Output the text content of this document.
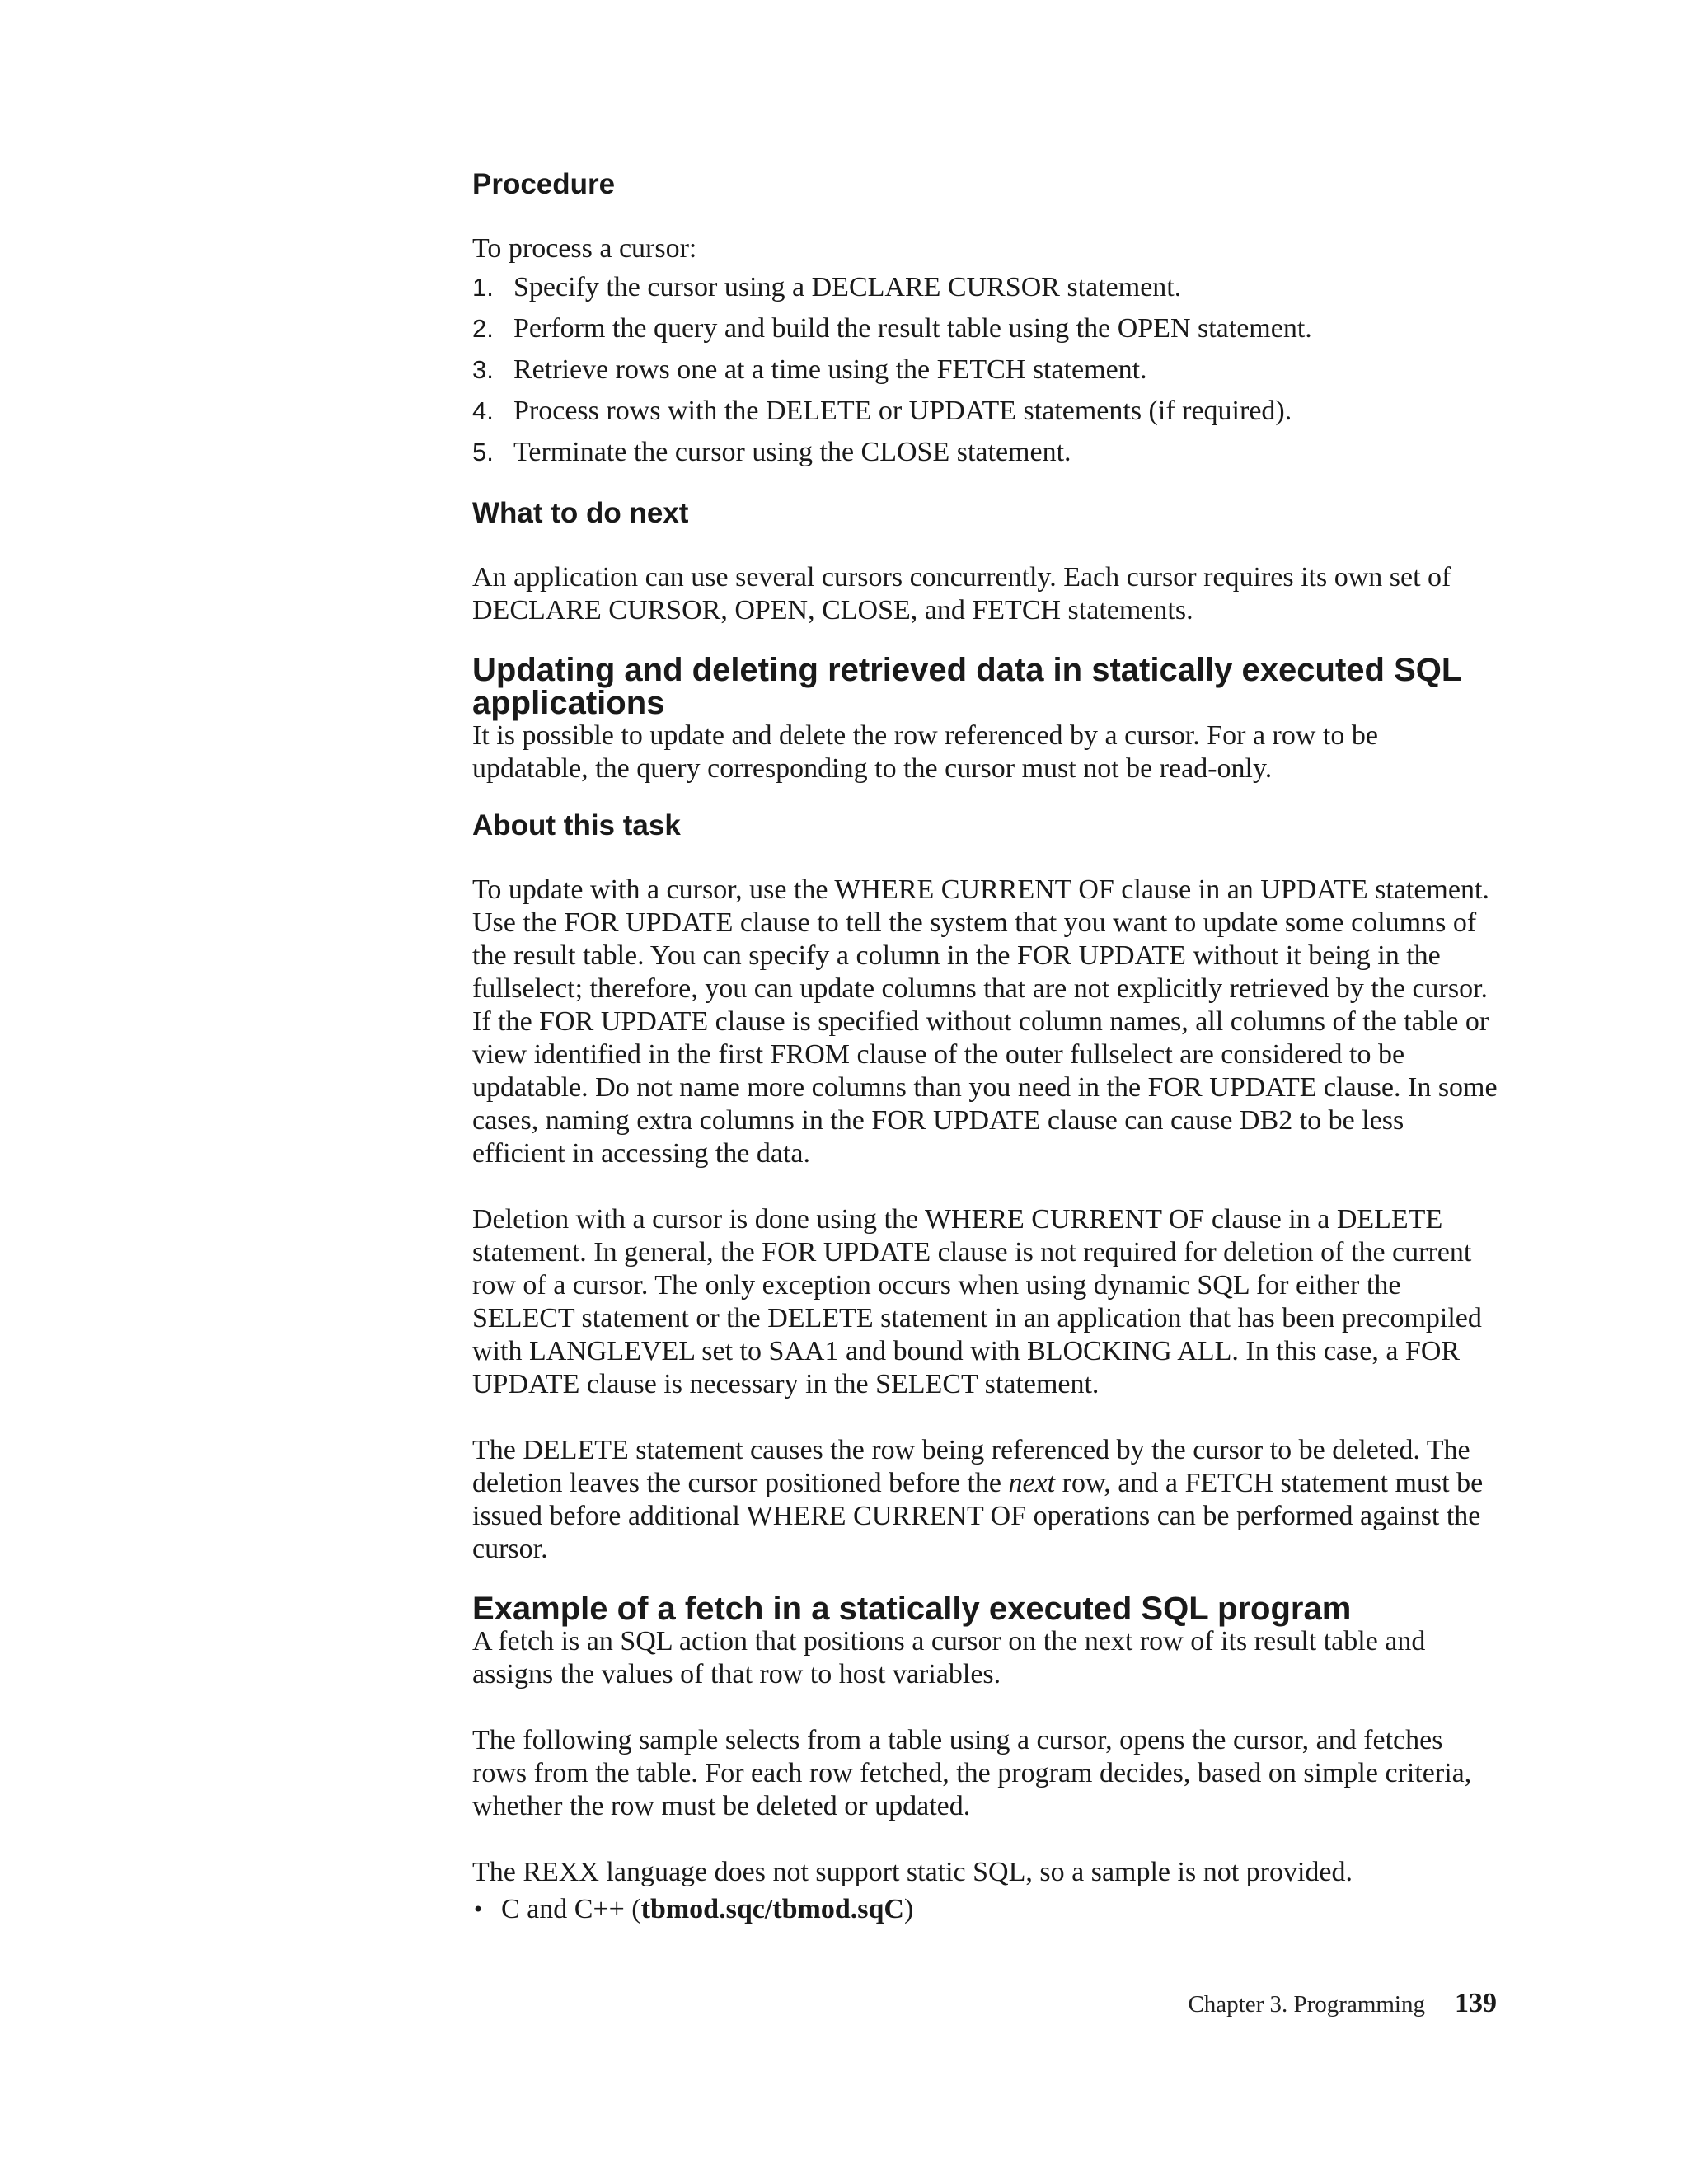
Procedure

To process a cursor:

1. Specify the cursor using a DECLARE CURSOR statement.
2. Perform the query and build the result table using the OPEN statement.
3. Retrieve rows one at a time using the FETCH statement.
4. Process rows with the DELETE or UPDATE statements (if required).
5. Terminate the cursor using the CLOSE statement.
What to do next

An application can use several cursors concurrently. Each cursor requires its own set of DECLARE CURSOR, OPEN, CLOSE, and FETCH statements.

Updating and deleting retrieved data in statically executed SQL applications

It is possible to update and delete the row referenced by a cursor. For a row to be updatable, the query corresponding to the cursor must not be read-only.

About this task

To update with a cursor, use the WHERE CURRENT OF clause in an UPDATE statement. Use the FOR UPDATE clause to tell the system that you want to update some columns of the result table. You can specify a column in the FOR UPDATE without it being in the fullselect; therefore, you can update columns that are not explicitly retrieved by the cursor. If the FOR UPDATE clause is specified without column names, all columns of the table or view identified in the first FROM clause of the outer fullselect are considered to be updatable. Do not name more columns than you need in the FOR UPDATE clause. In some cases, naming extra columns in the FOR UPDATE clause can cause DB2 to be less efficient in accessing the data.

Deletion with a cursor is done using the WHERE CURRENT OF clause in a DELETE statement. In general, the FOR UPDATE clause is not required for deletion of the current row of a cursor. The only exception occurs when using dynamic SQL for either the SELECT statement or the DELETE statement in an application that has been precompiled with LANGLEVEL set to SAA1 and bound with BLOCKING ALL. In this case, a FOR UPDATE clause is necessary in the SELECT statement.

The DELETE statement causes the row being referenced by the cursor to be deleted. The deletion leaves the cursor positioned before the next row, and a FETCH statement must be issued before additional WHERE CURRENT OF operations can be performed against the cursor.

Example of a fetch in a statically executed SQL program

A fetch is an SQL action that positions a cursor on the next row of its result table and assigns the values of that row to host variables.

The following sample selects from a table using a cursor, opens the cursor, and fetches rows from the table. For each row fetched, the program decides, based on simple criteria, whether the row must be deleted or updated.

The REXX language does not support static SQL, so a sample is not provided.

• C and C++ (tbmod.sqc/tbmod.sqC)
Chapter 3. Programming 139
